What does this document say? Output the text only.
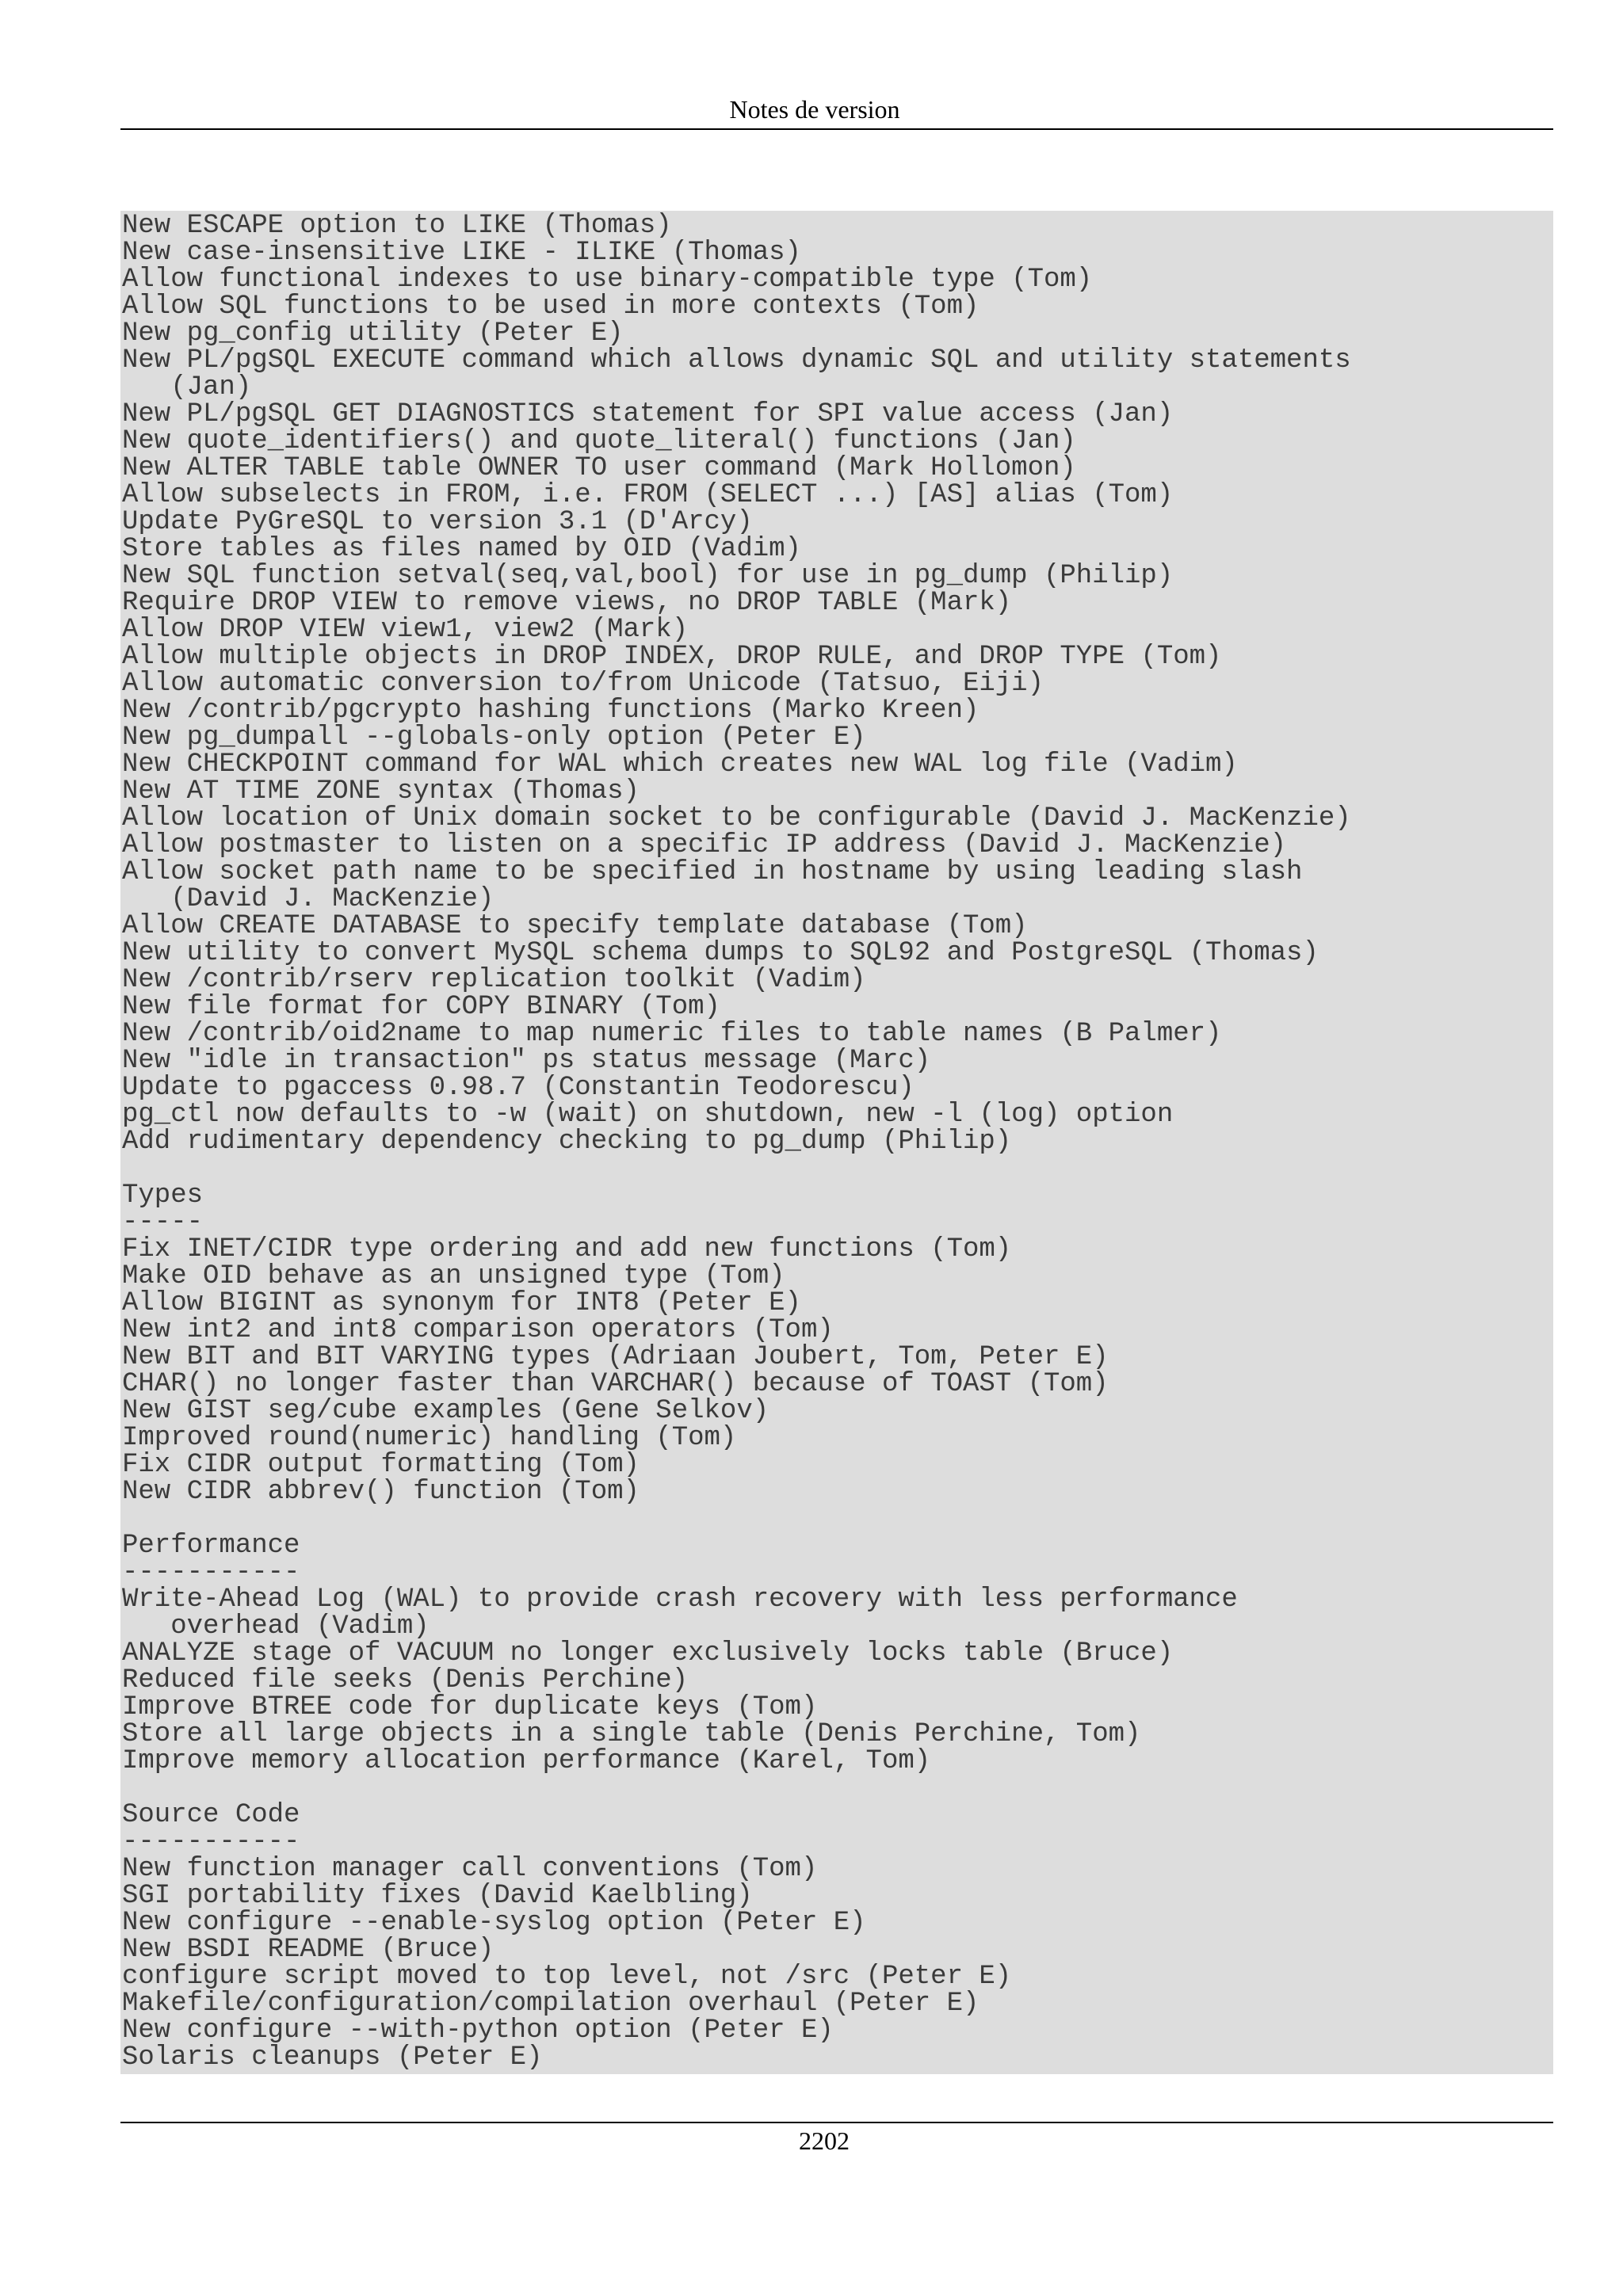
Notes de version
New ESCAPE option to LIKE (Thomas)
New case-insensitive LIKE - ILIKE (Thomas)
Allow functional indexes to use binary-compatible type (Tom)
Allow SQL functions to be used in more contexts (Tom)
New pg_config utility (Peter E)
New PL/pgSQL EXECUTE command which allows dynamic SQL and utility statements
(Jan)
New PL/pgSQL GET DIAGNOSTICS statement for SPI value access (Jan)
New quote_identifiers() and quote_literal() functions (Jan)
New ALTER TABLE table OWNER TO user command (Mark Hollomon)
Allow subselects in FROM, i.e. FROM (SELECT ...) [AS] alias (Tom)
Update PyGreSQL to version 3.1 (D'Arcy)
Store tables as files named by OID (Vadim)
New SQL function setval(seq,val,bool) for use in pg_dump (Philip)
Require DROP VIEW to remove views, no DROP TABLE (Mark)
Allow DROP VIEW view1, view2 (Mark)
Allow multiple objects in DROP INDEX, DROP RULE, and DROP TYPE (Tom)
Allow automatic conversion to/from Unicode (Tatsuo, Eiji)
New /contrib/pgcrypto hashing functions (Marko Kreen)
New pg_dumpall --globals-only option (Peter E)
New CHECKPOINT command for WAL which creates new WAL log file (Vadim)
New AT TIME ZONE syntax (Thomas)
Allow location of Unix domain socket to be configurable (David J. MacKenzie)
Allow postmaster to listen on a specific IP address (David J. MacKenzie)
Allow socket path name to be specified in hostname by using leading slash
(David J. MacKenzie)
Allow CREATE DATABASE to specify template database (Tom)
New utility to convert MySQL schema dumps to SQL92 and PostgreSQL (Thomas)
New /contrib/rserv replication toolkit (Vadim)
New file format for COPY BINARY (Tom)
New /contrib/oid2name to map numeric files to table names (B Palmer)
New "idle in transaction" ps status message (Marc)
Update to pgaccess 0.98.7 (Constantin Teodorescu)
pg_ctl now defaults to -w (wait) on shutdown, new -l (log) option
Add rudimentary dependency checking to pg_dump (Philip)
Types
-----
Fix INET/CIDR type ordering and add new functions (Tom)
Make OID behave as an unsigned type (Tom)
Allow BIGINT as synonym for INT8 (Peter E)
New int2 and int8 comparison operators (Tom)
New BIT and BIT VARYING types (Adriaan Joubert, Tom, Peter E)
CHAR() no longer faster than VARCHAR() because of TOAST (Tom)
New GIST seg/cube examples (Gene Selkov)
Improved round(numeric) handling (Tom)
Fix CIDR output formatting (Tom)
New CIDR abbrev() function (Tom)
Performance
-----------
Write-Ahead Log (WAL) to provide crash recovery with less performance
overhead (Vadim)
ANALYZE stage of VACUUM no longer exclusively locks table (Bruce)
Reduced file seeks (Denis Perchine)
Improve BTREE code for duplicate keys (Tom)
Store all large objects in a single table (Denis Perchine, Tom)
Improve memory allocation performance (Karel, Tom)
Source Code
-----------
New function manager call conventions (Tom)
SGI portability fixes (David Kaelbling)
New configure --enable-syslog option (Peter E)
New BSDI README (Bruce)
configure script moved to top level, not /src (Peter E)
Makefile/configuration/compilation overhaul (Peter E)
New configure --with-python option (Peter E)
Solaris cleanups (Peter E)
2202
